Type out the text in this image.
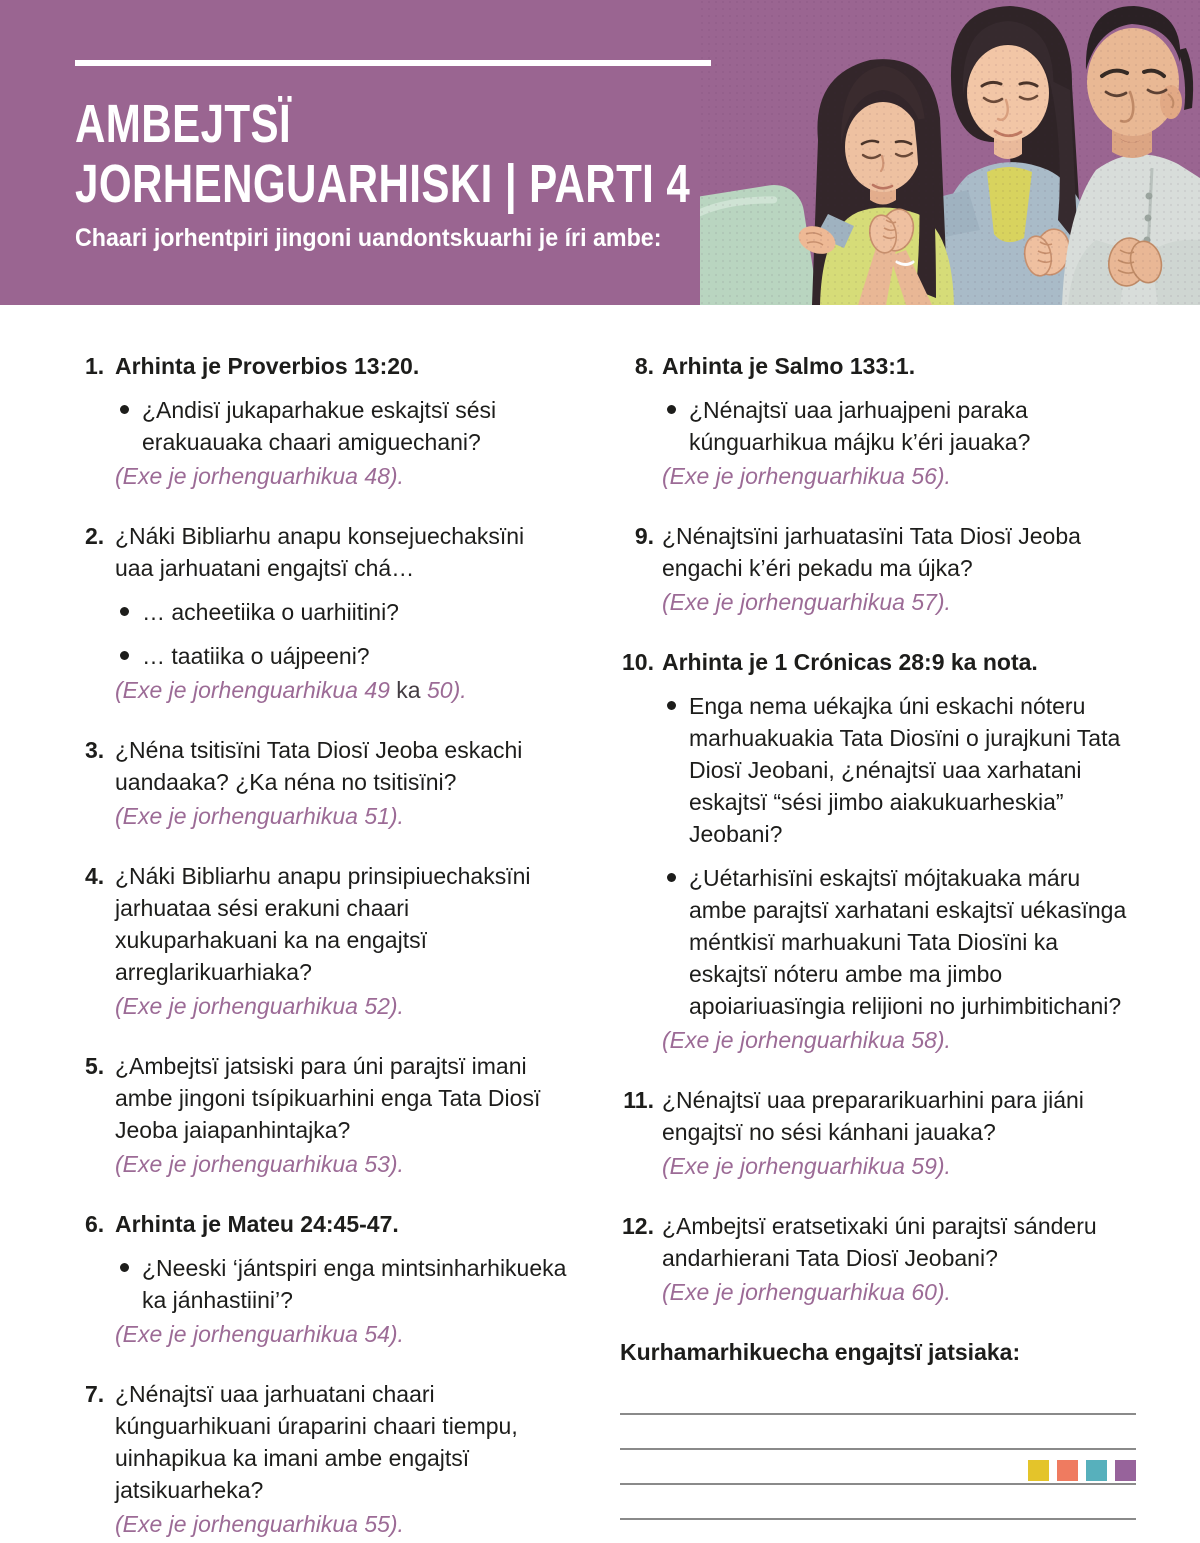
AMBEJTSÏ
JORHENGUARHISKI | PARTI 4
Chaari jorhentpiri jingoni uandontskuarhi je íri ambe:
1. Arhinta je Proverbios 13:20.
¿Andisï jukaparhakue eskajtsï sési erakuauaka chaari amiguechani?
(Exe je jorhenguarhikua 48).
2. ¿Náki Bibliarhu anapu konsejuechaksïni uaa jarhuatani engajtsï chá…
… acheetiika o uarhiitini?
… taatiika o uájpeeni?
(Exe je jorhenguarhikua 49 ka 50).
3. ¿Néna tsitisïni Tata Diosï Jeoba eskachi uandaaka? ¿Ka néna no tsitisïni?
(Exe je jorhenguarhikua 51).
4. ¿Náki Bibliarhu anapu prinsipiuechaksïni jarhuataa sési erakuni chaari xukuparhakuani ka na engajtsï arreglarikuarhiaka?
(Exe je jorhenguarhikua 52).
5. ¿Ambejtsï jatsiski para úni parajtsï imani ambe jingoni tsípikuarhini enga Tata Diosï Jeoba jaiapanhintajka?
(Exe je jorhenguarhikua 53).
6. Arhinta je Mateu 24:45-47.
¿Neeski ‘jántspiri enga mintsinharhikueka ka jánhastiini’?
(Exe je jorhenguarhikua 54).
7. ¿Nénajtsï uaa jarhuatani chaari kúnguarhikuani úraparini chaari tiempu, uinhapikua ka imani ambe engajtsï jatsikuarheka?
(Exe je jorhenguarhikua 55).
8. Arhinta je Salmo 133:1.
¿Nénajtsï uaa jarhuajpeni paraka kúnguarhikua májku k’éri jauaka?
(Exe je jorhenguarhikua 56).
9. ¿Nénajtsïni jarhuatasïni Tata Diosï Jeoba engachi k’éri pekadu ma újka?
(Exe je jorhenguarhikua 57).
10. Arhinta je 1 Crónicas 28:9 ka nota.
Enga nema uékajka úni eskachi nóteru marhuakuakia Tata Diosïni o jurajkuni Tata Diosï Jeobani, ¿nénajtsï uaa xarhatani eskajtsï “sési jimbo aiakukuarheskia” Jeobani?
¿Uétarhisïni eskajtsï mójtakuaka máru ambe parajtsï xarhatani eskajtsï uékasïnga méntkisï marhuakuni Tata Diosïni ka eskajtsï nóteru ambe ma jimbo apoiariuasïngia relijioni no jurhimbitichani?
(Exe je jorhenguarhikua 58).
11. ¿Nénajtsï uaa prepararikuarhini para jiáni engajtsï no sési kánhani jauaka?
(Exe je jorhenguarhikua 59).
12. ¿Ambejtsï eratsetixaki úni parajtsï sánderu andarhierani Tata Diosï Jeobani?
(Exe je jorhenguarhikua 60).
Kurhamarhikuecha engajtsï jatsiaka:
